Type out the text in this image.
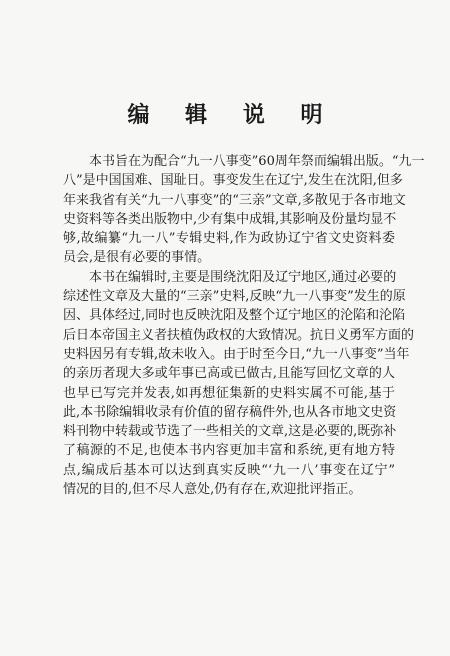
编 辑 说 明
本书旨在为配合“九一八事变”60周年祭而编辑出版。“九一
八”是中国国难、国耻日。事变发生在辽宁,发生在沈阳,但多
年来我省有关“九一八事变”的“三亲”文章,多散见于各市地文
史资料等各类出版物中,少有集中成辑,其影响及份量均显不
够,故编纂“九一八”专辑史料,作为政协辽宁省文史资料委
员会,是很有必要的事情。
本书在编辑时,主要是围绕沈阳及辽宁地区,通过必要的
综述性文章及大量的“三亲”史料,反映“九一八事变”发生的原
因、具体经过,同时也反映沈阳及整个辽宁地区的沦陷和沦陷
后日本帝国主义者扶植伪政权的大致情况。抗日义勇军方面的
史料因另有专辑,故未收入。由于时至今日,“九一八事变”当年
的亲历者现大多或年事已高或已做古,且能写回忆文章的人
也早已写完并发表,如再想征集新的史料实属不可能,基于
此,本书除编辑收录有价值的留存稿件外,也从各市地文史资
料刊物中转载或节选了一些相关的文章,这是必要的,既弥补
了稿源的不足,也使本书内容更加丰富和系统,更有地方特
点,编成后基本可以达到真实反映“‘九一八’事变在辽宁”
情况的目的,但不尽人意处,仍有存在,欢迎批评指正。
